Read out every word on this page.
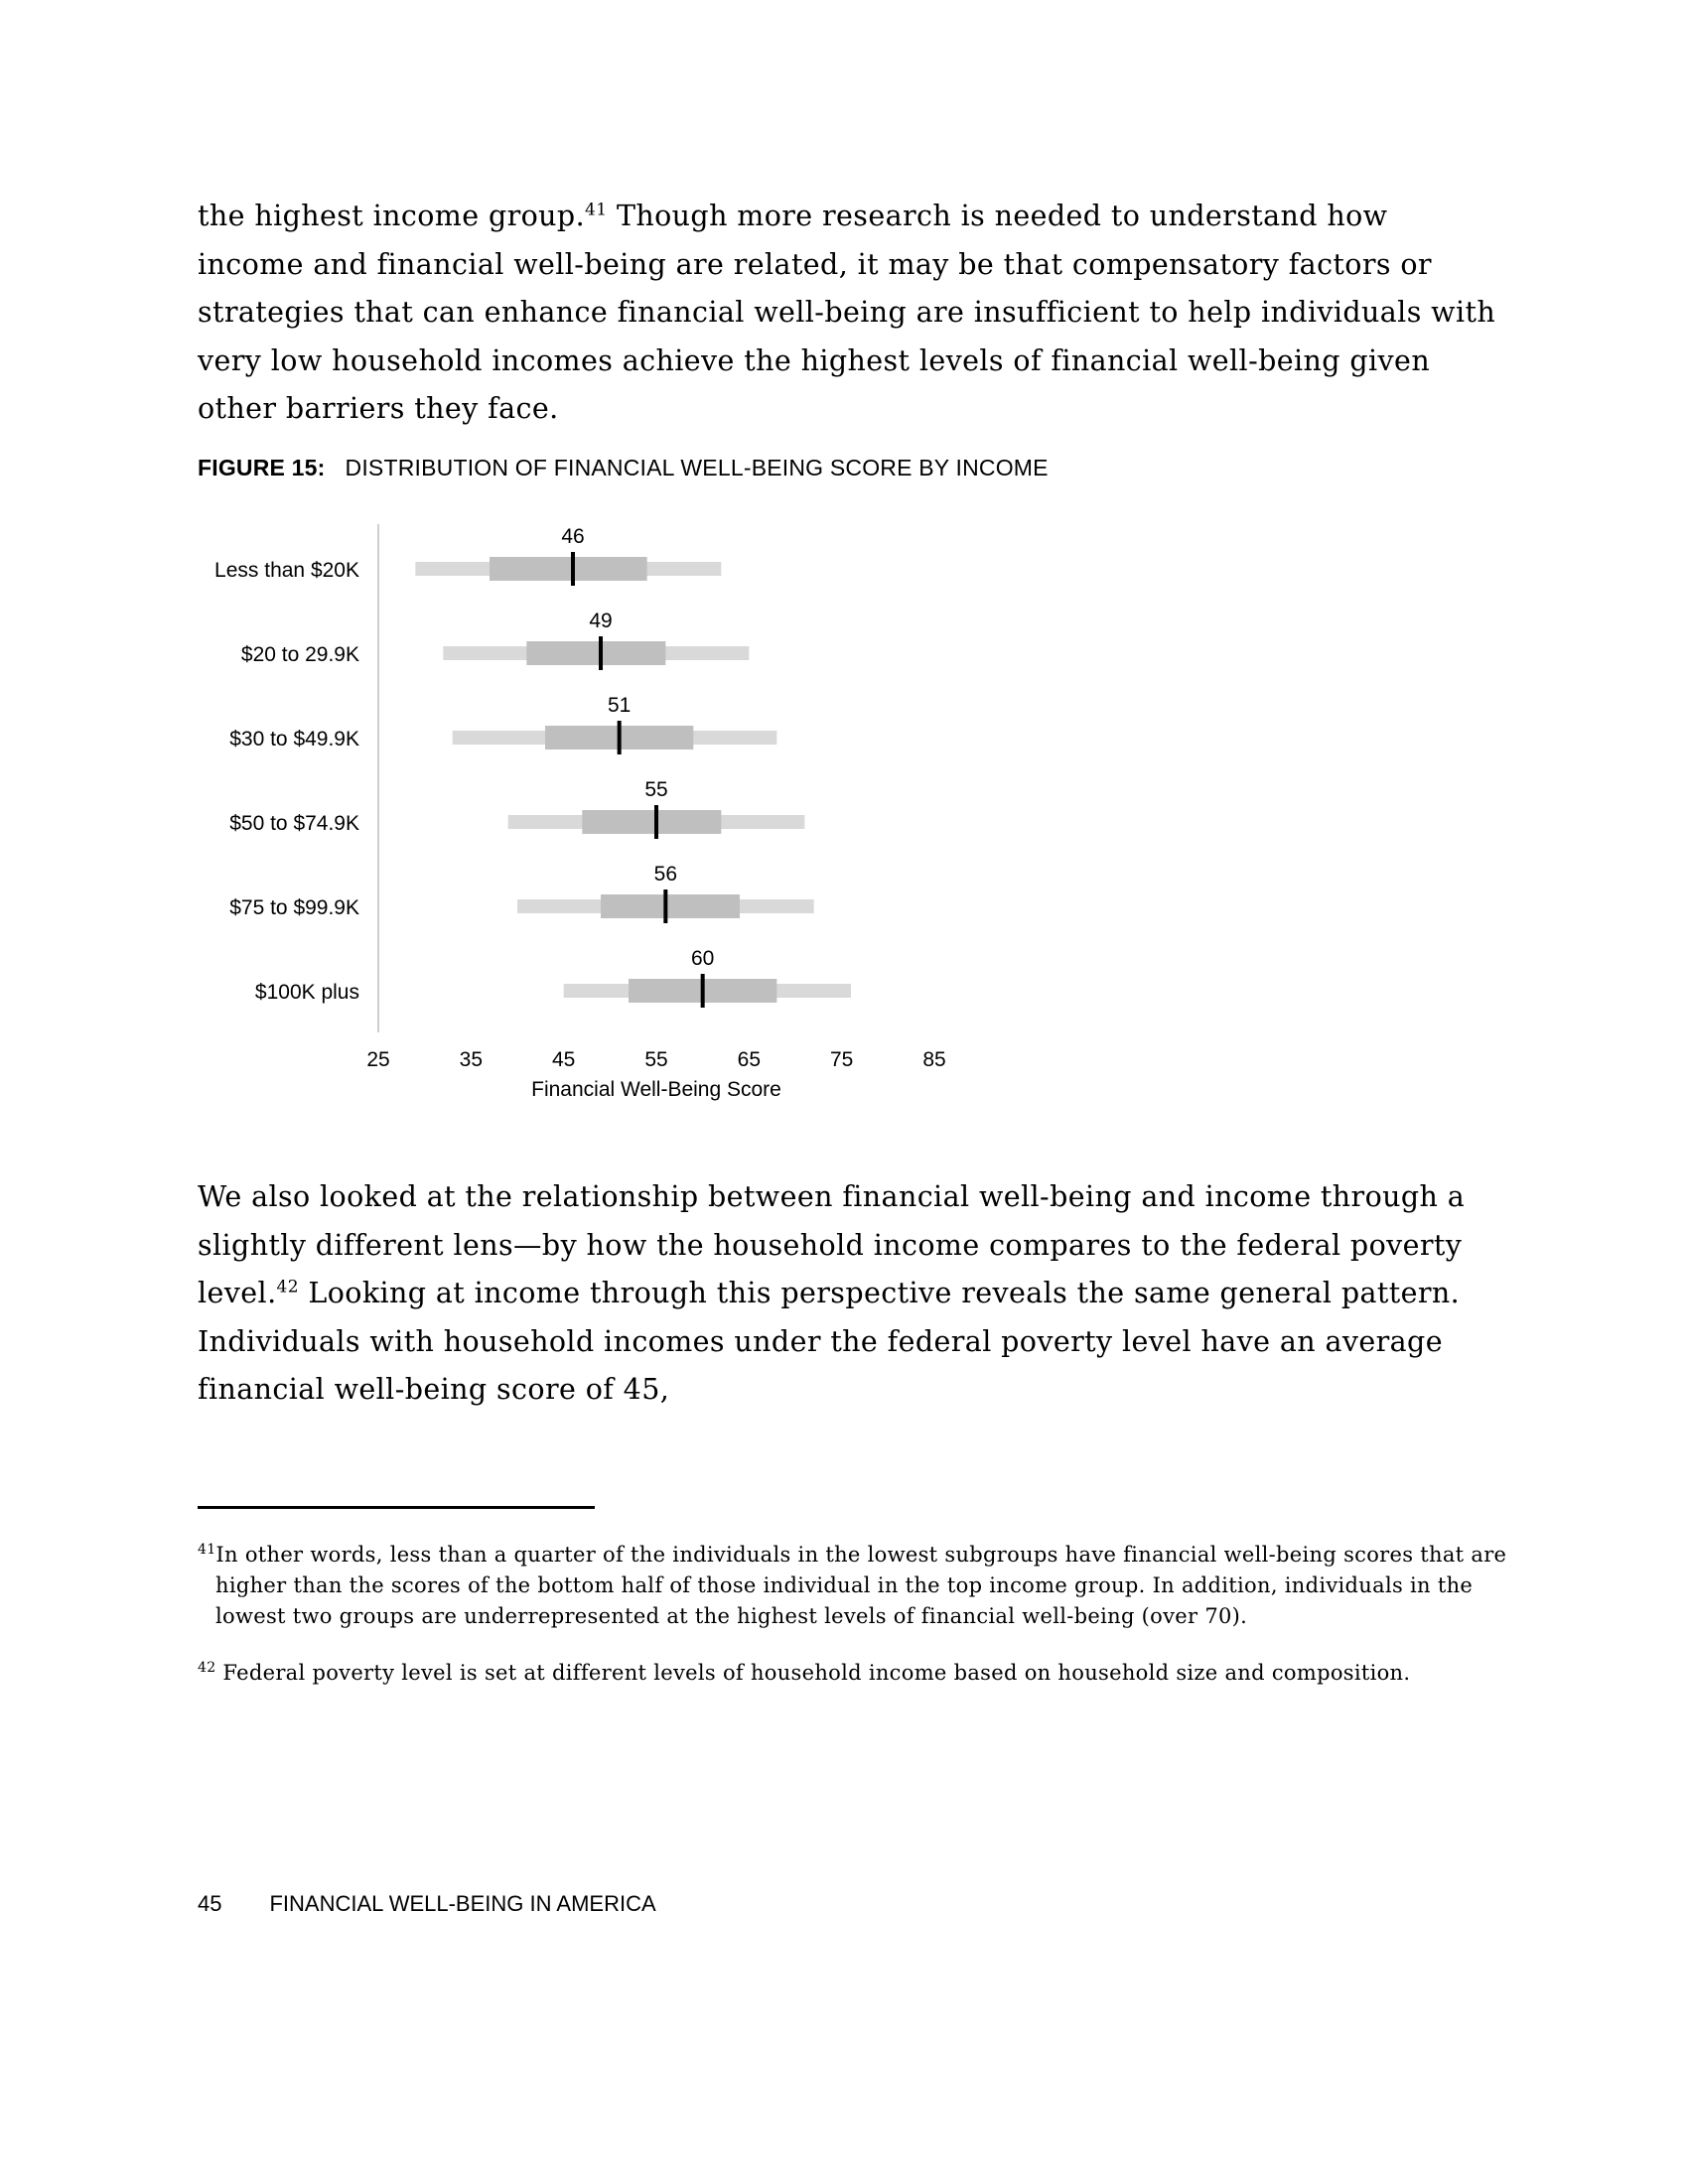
the highest income group.$^{41}$ Though more research is needed to understand how income and financial well-being are related, it may be that compensatory factors or strategies that can enhance financial well-being are insufficient to help individuals with very low household incomes achieve the highest levels of financial well-being given other barriers they face.

FIGURE 15: DISTRIBUTION OF FINANCIAL WELL-BEING SCORE BY INCOME
Less than $20K
46
$20 to 29.9K
49
$30 to $49.9K
51
$50 to $74.9K
55
$75 to $99.9K
56
$100K plus
60
25	35	45	55	65	75	85
Financial Well-Being Score

We also looked at the relationship between financial well-being and income through a slightly different lens—by how the household income compares to the federal poverty level.$^{42}$ Looking at income through this perspective reveals the same general pattern. Individuals with household incomes under the federal poverty level have an average financial well-being score of 45,

$^{41}$In other words, less than a quarter of the individuals in the lowest subgroups have financial well-being scores that are higher than the scores of the bottom half of those individual in the top income group. In addition, individuals in the lowest two groups are underrepresented at the highest levels of financial well-being (over 70).

$^{42}$ Federal poverty level is set at different levels of household income based on household size and composition.

45 FINANCIAL WELL-BEING IN AMERICA
